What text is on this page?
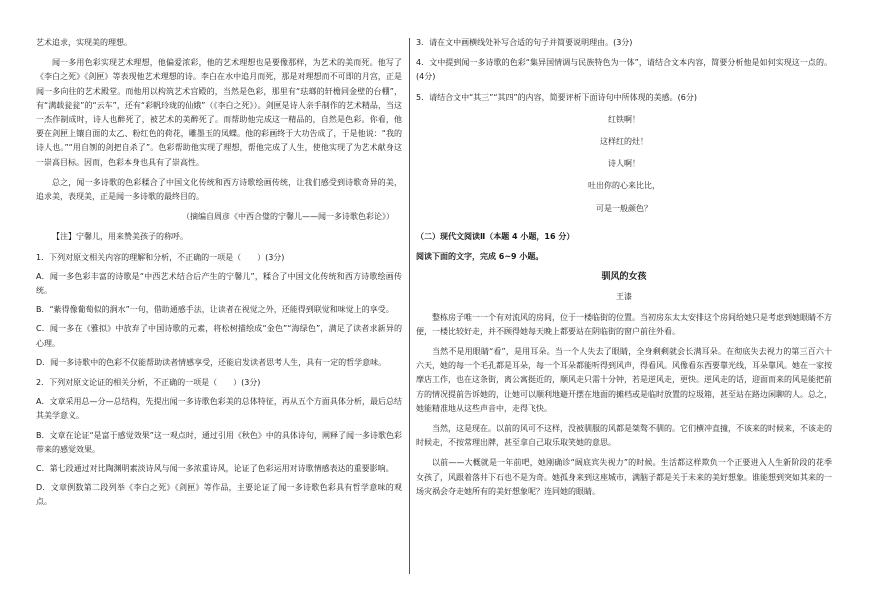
艺术追求，实现美的理想。

闻一多用色彩实现艺术理想，他偏爱浓彩，他的艺术理想也是要像那样，为艺术的美而死。他写了《李白之死》《剑匣》等表现他艺术理想的诗。李白在水中追月而死，那是对理想而不可即的月宫，正是闻一多向往的艺术殿堂。而他用以构筑艺术宫殿的，当然是色彩，那里有“珐瑯的轩檐同金壁的台棚”，有“满载瓮瓮”的“云车”，还有“彩帆玲珑的仙娥”（《李白之死》）。剑匣是诗人亲手制作的艺术精品，当这一杰作制成时，诗人也醉死了，被艺术的美醉死了。而帮助他完成这一精品的，自然是色彩。你看，他要在剑匣上镶自面的太乙、粉红色的荷花，雕墨玉的凤蝶。他的彩画终于大功告成了，于是他说：“我的诗人也。”“用自刎的剑把自杀了”。色彩帮助他实现了理想，帮他完成了人生，使他实现了为艺术献身这一崇高目标。因而，色彩本身也具有了崇高性。

总之，闻一多诗歌的色彩糅合了中国文化传统和西方诗歌绘画传统，让我们感受到诗歌奇异的美，追求美，表现美，正是闻一多诗歌的最终目的。

（摘编自周彦《中西合璧的宁馨儿——闻一多诗歌色彩论》）

【注】宁馨儿，用来赞美孩子的称呼。

1．下列对原文相关内容的理解和分析，不正确的一项是（　　）(3分)

A．闻一多色彩丰富的诗歌是“中西艺术结合后产生的宁馨儿”，糅合了中国文化传统和西方诗歌绘画传统。

B．“紫得像葡萄似的涧水”一句，借助通感手法，让读者在视觉之外，还能得到联觉和味觉上的享受。

C．闻一多在《雅拟》中放弃了中国诗歌的元素，将松树描绘成“金色”“海绿色”，满足了读者求新异的心理。

D．闻一多诗歌中的色彩不仅能帮助读者情感享受，还能启发读者思考人生，具有一定的哲学意味。

2．下列对原文论证的相关分析，不正确的一项是（　　）(3分)

A．文章采用总—分—总结构，先提出闻一多诗歌色彩美的总体特征，再从五个方面具体分析，最后总结其美学意义。

B．文章在论证“是富于感觉效果”这一观点时，通过引用《秋色》中的具体诗句，阐释了闻一多诗歌色彩带来的感觉效果。

C．第七段通过对比陶渊明素淡诗风与闻一多浓重诗风，论证了色彩运用对诗歌情感表达的重要影响。

D．文章例数第二段列举《李白之死》《剑匣》等作品，主要论证了闻一多诗歌色彩具有哲学意味的观点。

3．请在文中画横线处补写合适的句子并简要说明理由。(3分)

4．文中提到闻一多诗歌的色彩“集异国情调与民族特色为一体”，请结合文本内容，简要分析他是如何实现这一点的。(4分)

5．请结合文中“其三”“其四”的内容，简要评析下面诗句中所体现的美感。(6分)

红铁啊！

这样红的灶！

诗人啊！

吐出你的心来比比，

可是一般颜色？

（二）现代文阅读Ⅱ（本题 4 小题，16 分）

阅读下面的文字，完成 6~9 小题。

驯风的女孩

王漆

整栋房子唯一一个有对流风的房间，位于一楼临街的位置。当初房东太太安排这个房间给她只是考虑到她眼睛不方便，一楼比较好走，并不顾得她每天晚上都要站在阴临街的窗户前往外看。

当然不是用眼睛“看”，是用耳朵。当一个人失去了眼睛，全身剩剩就会长满耳朵。在彻底失去视力的第三百六十六天，她的每一个毛孔都是耳朵，每一个耳朵都能听得到风声，得看风。风像看东西要靠光线，耳朵靠风。她在一家按摩店工作，也在这条街，离公寓挺近的，顺风走只需十分钟，若是逆风走，更快。逆风走的话，迎面而来的风是能把前方的情况提前告诉她的，让她可以顺利地避开摆在地面的摊档或是临时放置的垃圾箱，甚至站在路边闲聊的人。总之，她能精准地从这些声音中，走得飞快。

当然，这是现在。以前的风可不这样，没被驯服的风都是桀骜不驯的。它们横冲直撞，不该来的时候来，不该走的时候走，不按常理出牌，甚至拿自己取乐取笑她的意思。

以前——大概就是一年前吧，她刚确诊“阔底宾失视力”的时候。生活都这样欺负一个正要进入人生新阶段的花季女孩了，风跟着落井下石也不是为奇。她孤身来到这座城市，满脑子都是关于未来的美好想象。谁能想到突如其来的一场灾祸会夺走她所有的美好想象呢？连同她的眼睛。
